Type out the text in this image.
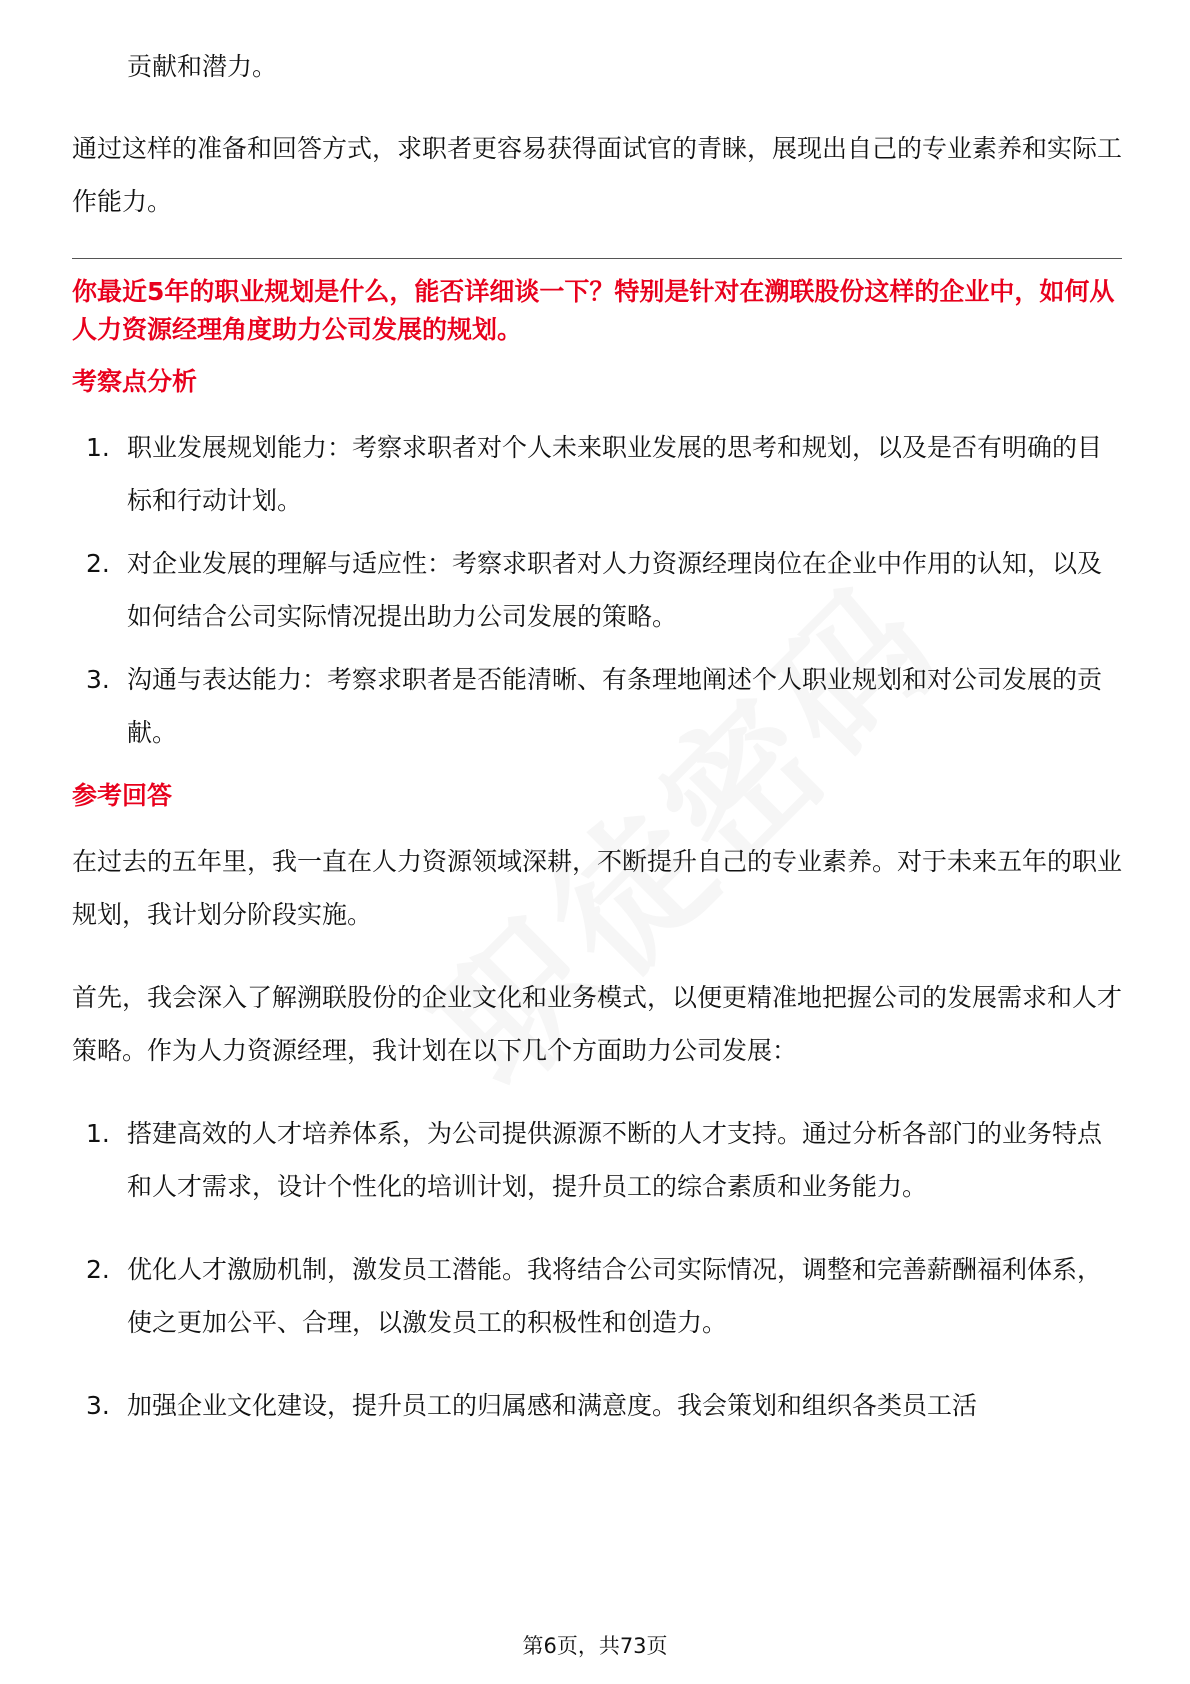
贡献和潜力。

通过这样的准备和回答方式，求职者更容易获得面试官的青睐，展现出自己的专业素养和实际工作能力。

你最近5年的职业规划是什么，能否详细谈一下？特别是针对在溯联股份这样的企业中，如何从人力资源经理角度助力公司发展的规划。
考察点分析
1. 职业发展规划能力：考察求职者对个人未来职业发展的思考和规划，以及是否有明确的目标和行动计划。
2. 对企业发展的理解与适应性：考察求职者对人力资源经理岗位在企业中作用的认知，以及如何结合公司实际情况提出助力公司发展的策略。
3. 沟通与表达能力：考察求职者是否能清晰、有条理地阐述个人职业规划和对公司发展的贡献。
参考回答

在过去的五年里，我一直在人力资源领域深耕，不断提升自己的专业素养。对于未来五年的职业规划，我计划分阶段实施。

首先，我会深入了解溯联股份的企业文化和业务模式，以便更精准地把握公司的发展需求和人才策略。作为人力资源经理，我计划在以下几个方面助力公司发展：

1. 搭建高效的人才培养体系，为公司提供源源不断的人才支持。通过分析各部门的业务特点和人才需求，设计个性化的培训计划，提升员工的综合素质和业务能力。
2. 优化人才激励机制，激发员工潜能。我将结合公司实际情况，调整和完善薪酬福利体系，使之更加公平、合理，以激发员工的积极性和创造力。
3. 加强企业文化建设，提升员工的归属感和满意度。我会策划和组织各类员工活
第6页，共73页
